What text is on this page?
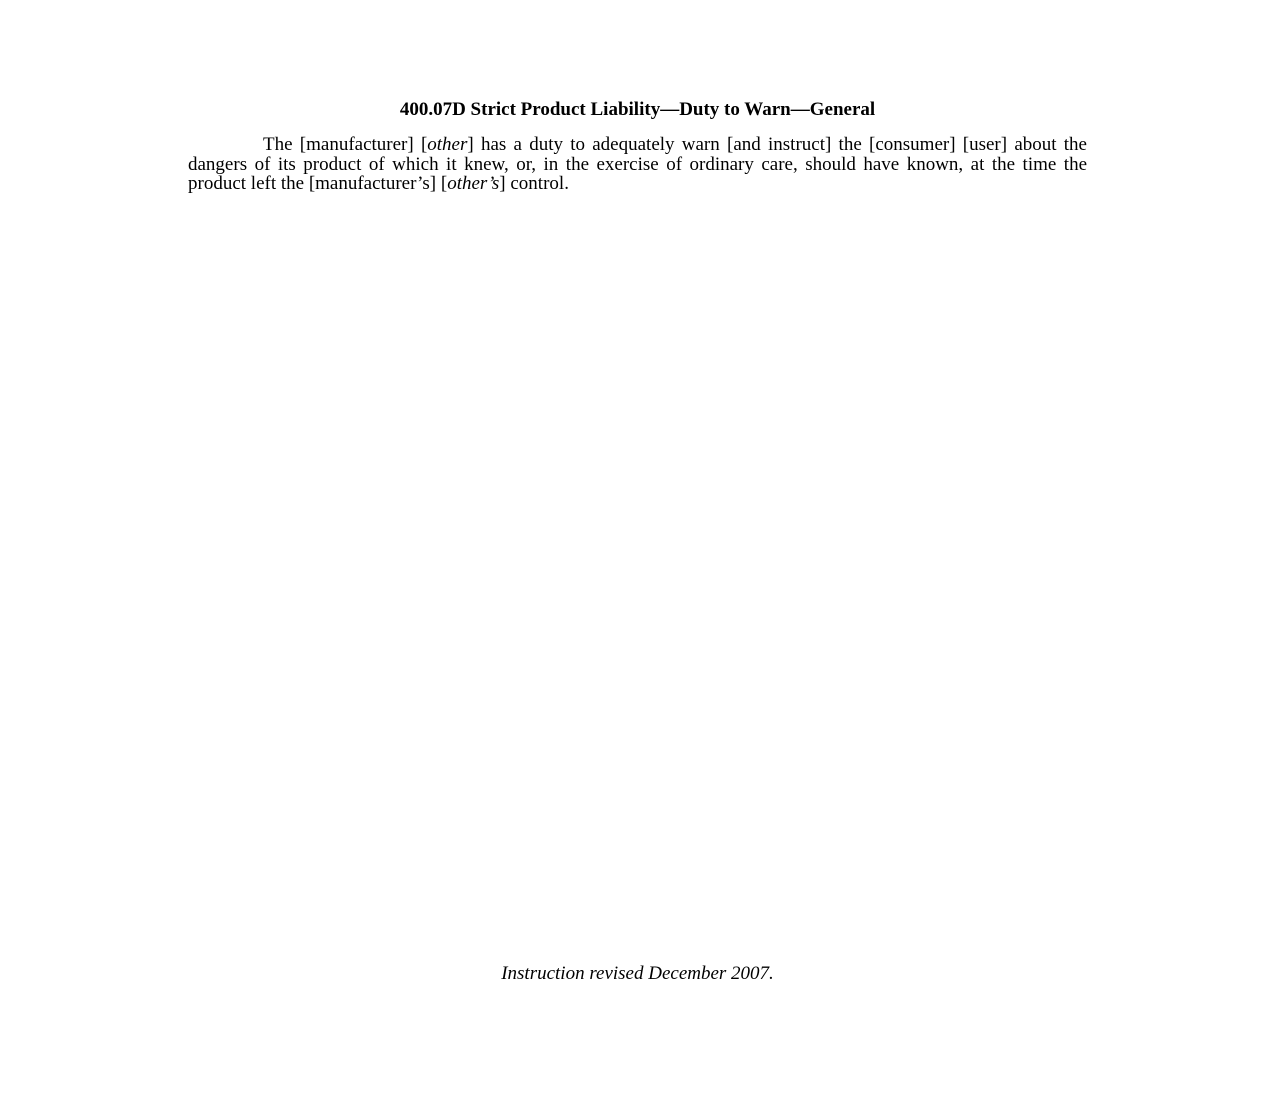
400.07D Strict Product Liability—Duty to Warn—General

The [manufacturer] [other] has a duty to adequately warn [and instruct] the [consumer] [user] about the dangers of its product of which it knew, or, in the exercise of ordinary care, should have known, at the time the product left the [manufacturer’s] [other’s] control.

Instruction revised December 2007.
